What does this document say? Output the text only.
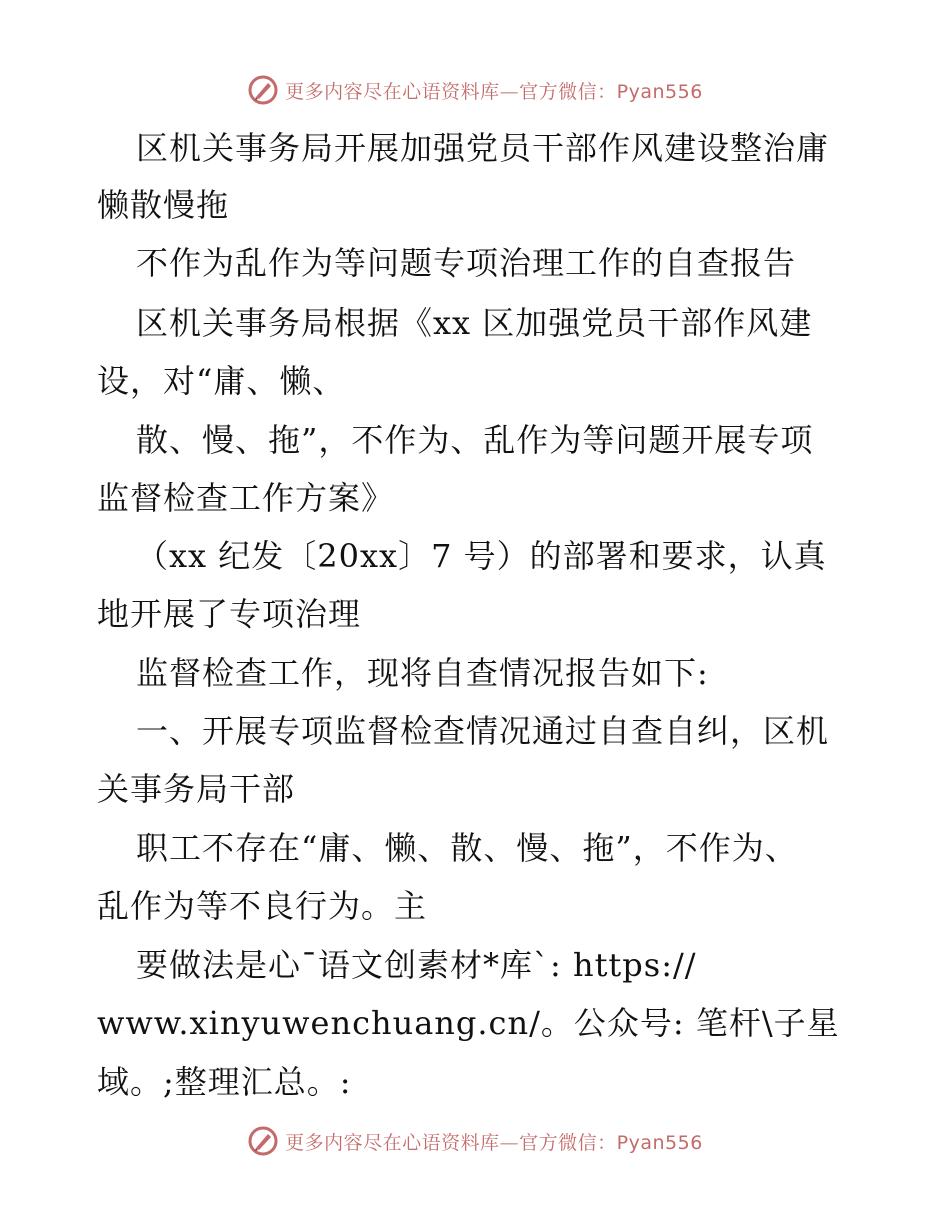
更多内容尽在心语资料库—官方微信：Pyan556
区机关事务局开展加强党员干部作风建设整治庸
懒散慢拖
不作为乱作为等问题专项治理工作的自查报告
区机关事务局根据《xx 区加强党员干部作风建
设，对“庸、懒、
散、慢、拖”，不作为、乱作为等问题开展专项
监督检查工作方案》
（xx 纪发〔20xx〕7 号）的部署和要求，认真
地开展了专项治理
监督检查工作，现将自查情况报告如下:
一、开展专项监督检查情况通过自查自纠，区机
关事务局干部
职工不存在“庸、懒、散、慢、拖”，不作为、
乱作为等不良行为。主
要做法是心¯语文创素材*库`: https://
www.xinyuwenchuang.cn/。公众号: 笔杆\子星
域。;整理汇总。:
更多内容尽在心语资料库—官方微信：Pyan556
